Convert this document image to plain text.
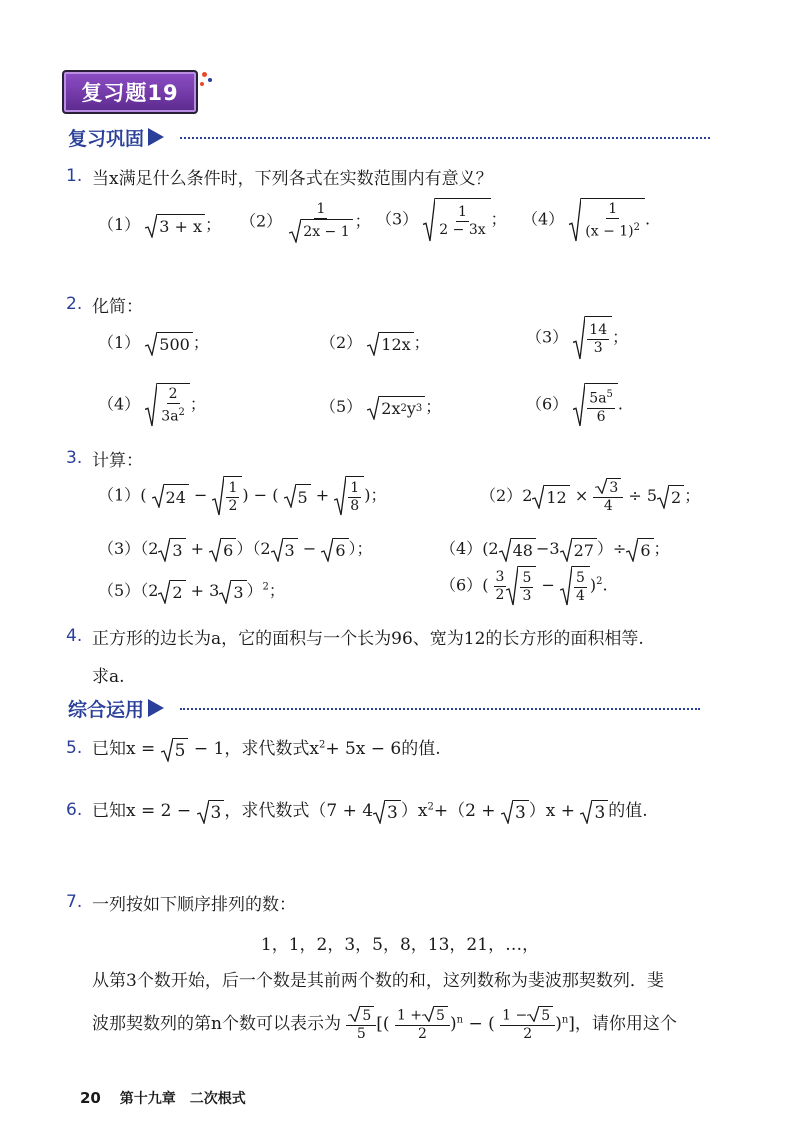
复习题19
复习巩固
1. 当x满足什么条件时，下列各式在实数范围内有意义？
（1） 3 + x ； $(2) \frac{1}{2x - 1}$ ； （3）	1
2 − 3x
； （4）
1
$(x - 1)^2$ .
2. 化简：
（1） 500 ；	（2） 12x ；	（3） 14
3
；
（4）
2
$3a^2$ ；	（5） 2x 2 y 3 ；	（6） $5a^5$
6
.
3. 计算：
（1）( 24 − 1
2
) − ( 5 + 1
8
)；	（2）2 $12 \times \frac{3}{4} \div 5$ 2 ；
（3）（2 3 + 6 ）（2 3 − 6 ）；	（4）(2 48 −3 27 ）÷ 6 ；
（5）（2 2 + 3 3 ）$^2$；	$(6)( \frac{3}{2} 5$
3
− 5
4
)$^2$.
4. 正方形的边长为a，它的面积与一个长为96、宽为12的长方形的面积相等.
求a.
综合运用
5. 已知x = 5 − 1，求代数式$x^2+ 5x - 6$的值.
6. 已知x = 2 − 3 ，求代数式（7 + 4 3 ）$x^2+(2 + 3$ ）x + 3 的值.
7. 一列按如下顺序排列的数：
1，1，2，3，5，8，13，21，…，
从第3个数开始，后一个数是其前两个数的和，这列数称为斐波那契数列．斐
波那契数列的第n个数可以表示为 $\frac{5}{5}$ [( $\frac{1 + 5}{2} )^n$ − ( $\frac{1 - 5}{2} )^n$]，请你用这个
20 第十九章　二次根式
